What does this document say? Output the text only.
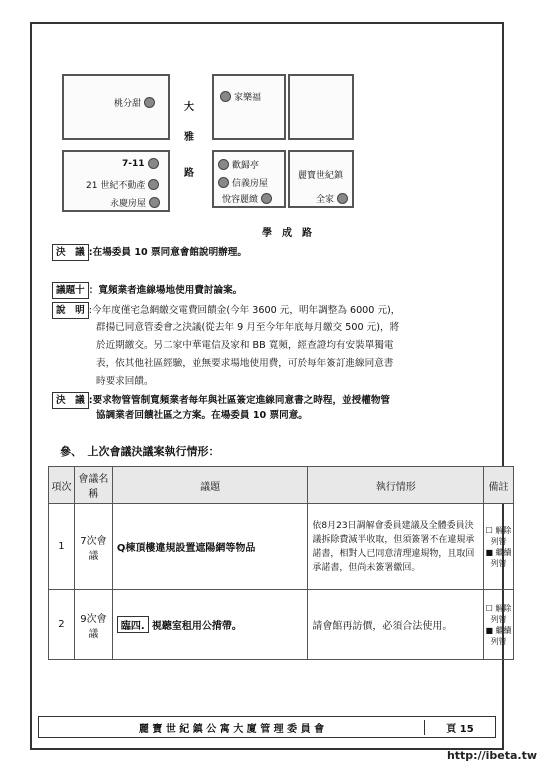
桃分甜
7-11
21 世紀不動產
永慶房屋
大
雅
路
家樂福
歡歸亭
信義房屋
悅容麗緻
麗寶世紀鎮
全家
學　成　路
決　議 :在場委員 10 票同意會館說明辦理。
議題十 ：寬頻業者進線場地使用費討論案。
說　明 :今年度僅宅急網繳交電費回饋金(今年 3600 元，明年調整為 6000 元)，
群揚已同意管委會之決議(從去年 9 月至今年年底每月繳交 500 元)，將
於近期繳交。另二家中華電信及家和 BB 寬頻，經查證均有安裝單獨電
表，依其他社區經驗，並無要求場地使用費，可於每年簽訂進線同意書
時要求回饋。
決　議 :要求物管管制寬頻業者每年與社區簽定進線同意書之時程，並授權物管
協調業者回饋社區之方案。在場委員 10 票同意。
參、　上次會議決議案執行情形：
項次	會議名稱	議題	執行情形	備註
1	7次會議	Q棟頂樓違規設置遮陽網等物品	依8月23日調解會委員建議及全體委員決議拆除費減半收取，但須簽署不在違規承諾書，相對人已同意清理違規物，且取回承諾書，但尚未簽署繳回。	☐ 解除列管
■ 繼續列管

2	9次會議	臨四. 視聽室租用公揹帶。	請會館再訪價，必須合法使用。	☐ 解除列管
■ 繼續列管
麗 寶 世 紀 鎮 公 寓 大 廈 管 理 委 員 會	頁 15
http://ibeta.tw
